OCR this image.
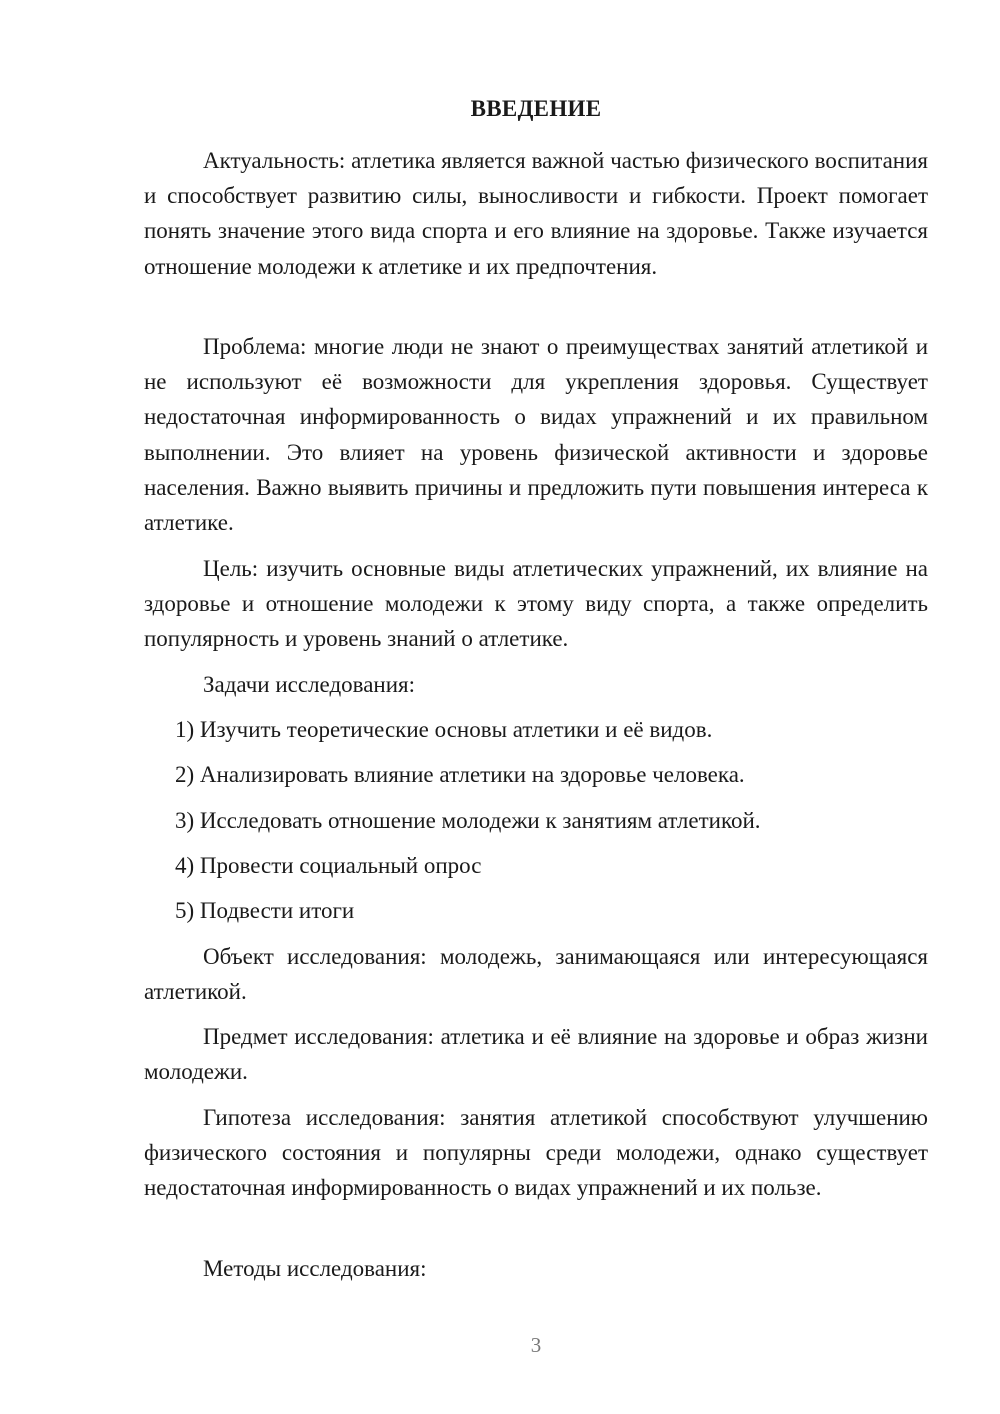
ВВЕДЕНИЕ

Актуальность: атлетика является важной частью физического воспитания и способствует развитию силы, выносливости и гибкости. Проект помогает понять значение этого вида спорта и его влияние на здоровье. Также изучается отношение молодежи к атлетике и их предпочтения.

Проблема: многие люди не знают о преимуществах занятий атлетикой и не используют её возможности для укрепления здоровья. Существует недостаточная информированность о видах упражнений и их правильном выполнении. Это влияет на уровень физической активности и здоровье населения. Важно выявить причины и предложить пути повышения интереса к атлетике.

Цель: изучить основные виды атлетических упражнений, их влияние на здоровье и отношение молодежи к этому виду спорта, а также определить популярность и уровень знаний о атлетике.

Задачи исследования:

1) Изучить теоретические основы атлетики и её видов.

2) Анализировать влияние атлетики на здоровье человека.

3) Исследовать отношение молодежи к занятиям атлетикой.

4) Провести социальный опрос

5) Подвести итоги

Объект исследования: молодежь, занимающаяся или интересующаяся атлетикой.

Предмет исследования: атлетика и её влияние на здоровье и образ жизни молодежи.

Гипотеза исследования: занятия атлетикой способствуют улучшению физического состояния и популярны среди молодежи, однако существует недостаточная информированность о видах упражнений и их пользе.

Методы исследования:

3
